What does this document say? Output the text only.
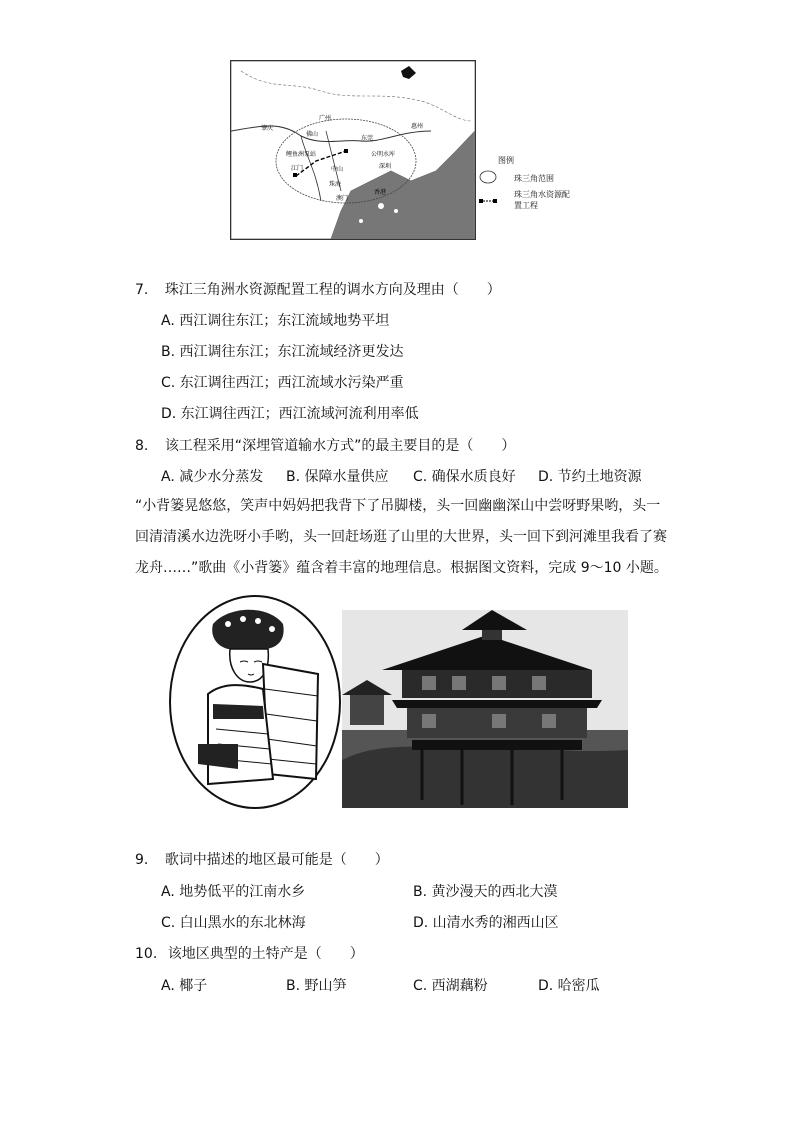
肇庆
佛山
广州
东莞
惠州
深圳
中山
江门
珠海
澳门
香港
公明水库
鲤鱼洲泵站
图例
珠三角范围
珠三角水资源配置工程
7. 珠江三角洲水资源配置工程的调水方向及理由（　　）
A. 西江调往东江；东江流域地势平坦
B. 西江调往东江；东江流域经济更发达
C. 东江调往西江；西江流域水污染严重
D. 东江调往西江；西江流域河流利用率低
8. 该工程采用“深埋管道输水方式”的最主要目的是（　　）
A. 减少水分蒸发 B. 保障水量供应 C. 确保水质良好 D. 节约土地资源
“小背篓晃悠悠，笑声中妈妈把我背下了吊脚楼，头一回幽幽深山中尝呀野果哟，头一
回清清溪水边洗呀小手哟，头一回赶场逛了山里的大世界，头一回下到河滩里我看了赛
龙舟……”歌曲《小背篓》蕴含着丰富的地理信息。根据图文资料，完成 9～10 小题。
9. 歌词中描述的地区最可能是（　　）
A. 地势低平的江南水乡	B. 黄沙漫天的西北大漠
C. 白山黑水的东北林海	D. 山清水秀的湘西山区
10. 该地区典型的土特产是（　　）
A. 椰子	B. 野山笋	C. 西湖藕粉	D. 哈密瓜
